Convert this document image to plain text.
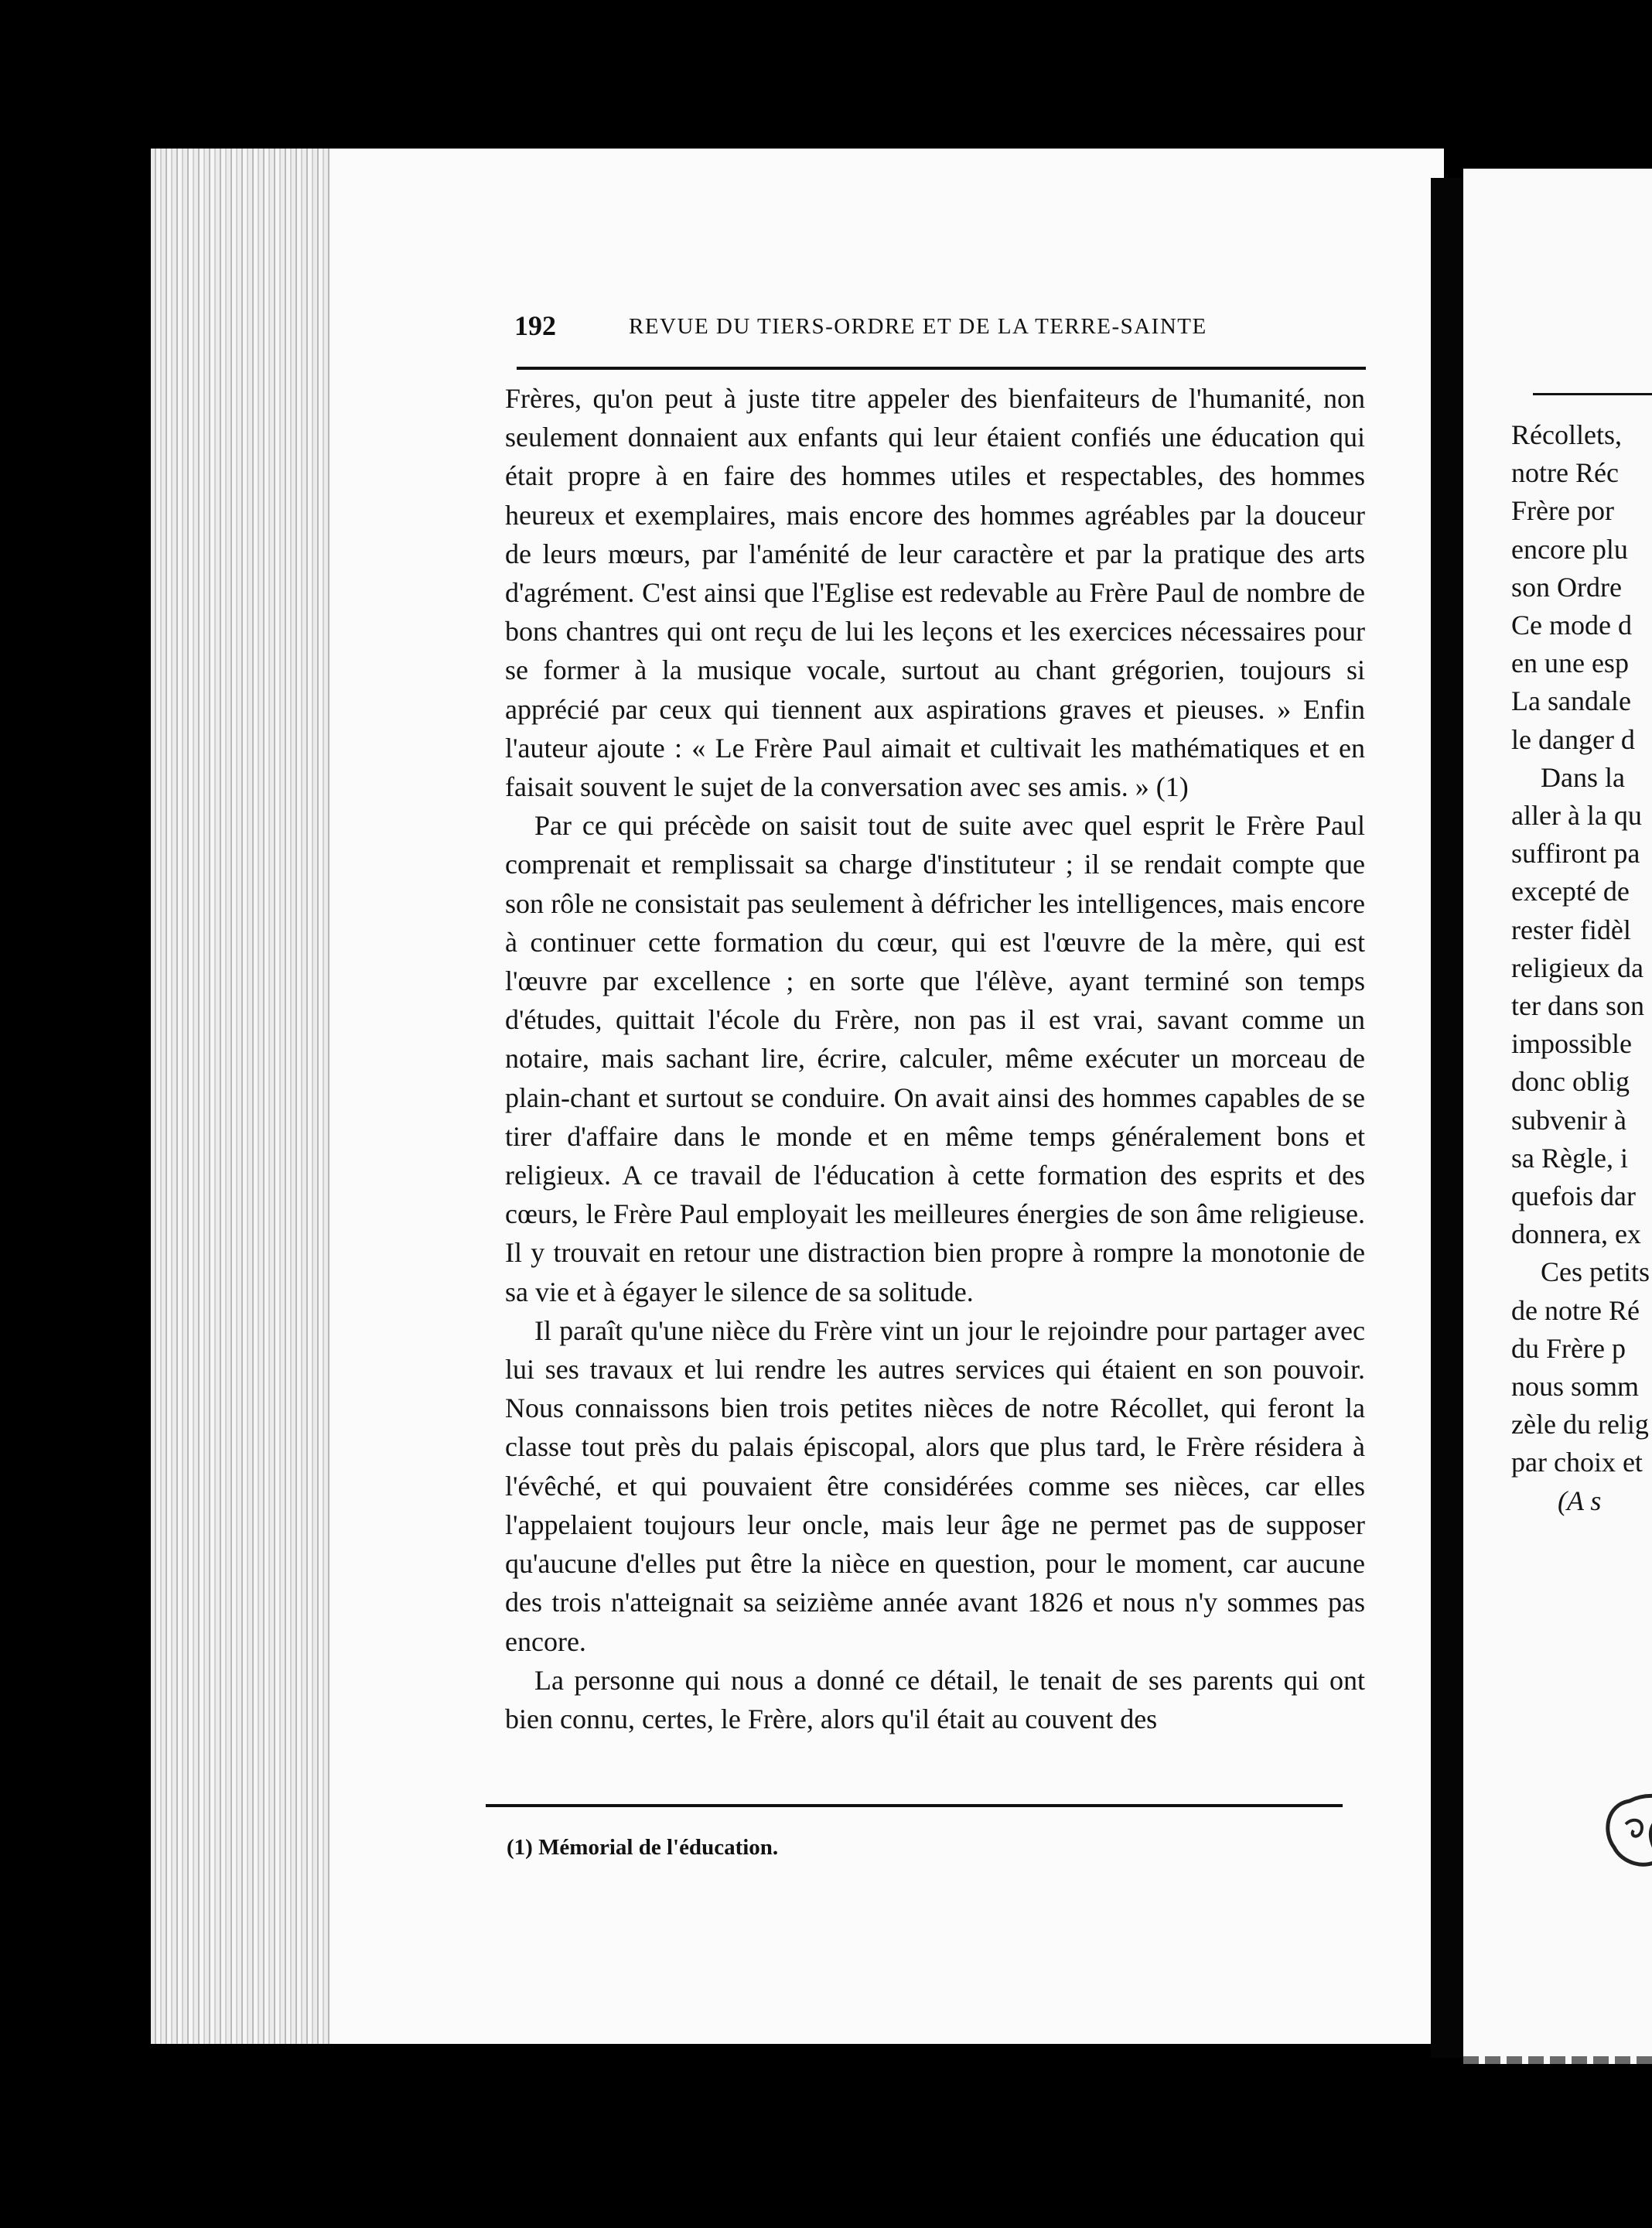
Récollets,
notre Réc
Frère por
encore plu
son Ordre
Ce mode d
en une esp
La sandale
le danger d
Dans la
aller à la qu
suffiront pa
excepté de
rester fidèl
religieux da
ter dans son
impossible
donc oblig
subvenir à
sa Règle, i
quefois dar
donnera, ex
Ces petits
de notre Ré
du Frère p
nous somm
zèle du relig
par choix et
(A s
192	REVUE DU TIERS-ORDRE ET DE LA TERRE-SAINTE

Frères, qu'on peut à juste titre appeler des bienfaiteurs de l'humanité, non seulement donnaient aux enfants qui leur étaient confiés une éducation qui était propre à en faire des hommes utiles et respectables, des hommes heureux et exemplaires, mais encore des hommes agréables par la douceur de leurs mœurs, par l'aménité de leur caractère et par la pratique des arts d'agrément. C'est ainsi que l'Eglise est redevable au Frère Paul de nombre de bons chantres qui ont reçu de lui les leçons et les exercices nécessaires pour se former à la musique vocale, surtout au chant grégorien, toujours si apprécié par ceux qui tiennent aux aspirations graves et pieuses. » Enfin l'auteur ajoute : « Le Frère Paul aimait et cultivait les mathématiques et en faisait souvent le sujet de la conversation avec ses amis. » (1)

Par ce qui précède on saisit tout de suite avec quel esprit le Frère Paul comprenait et remplissait sa charge d'instituteur ; il se rendait compte que son rôle ne consistait pas seulement à défricher les intelligences, mais encore à continuer cette formation du cœur, qui est l'œuvre de la mère, qui est l'œuvre par excellence ; en sorte que l'élève, ayant terminé son temps d'études, quittait l'école du Frère, non pas il est vrai, savant comme un notaire, mais sachant lire, écrire, calculer, même exécuter un morceau de plain-chant et surtout se conduire. On avait ainsi des hommes capables de se tirer d'affaire dans le monde et en même temps généralement bons et religieux. A ce travail de l'éducation à cette formation des esprits et des cœurs, le Frère Paul employait les meilleures énergies de son âme religieuse. Il y trouvait en retour une distraction bien propre à rompre la monotonie de sa vie et à égayer le silence de sa solitude.

Il paraît qu'une nièce du Frère vint un jour le rejoindre pour partager avec lui ses travaux et lui rendre les autres services qui étaient en son pouvoir. Nous connaissons bien trois petites nièces de notre Récollet, qui feront la classe tout près du palais épiscopal, alors que plus tard, le Frère résidera à l'évêché, et qui pouvaient être considérées comme ses nièces, car elles l'appelaient toujours leur oncle, mais leur âge ne permet pas de supposer qu'aucune d'elles put être la nièce en question, pour le moment, car aucune des trois n'atteignait sa seizième année avant 1826 et nous n'y sommes pas encore.

La personne qui nous a donné ce détail, le tenait de ses parents qui ont bien connu, certes, le Frère, alors qu'il était au couvent des

(1) Mémorial de l'éducation.
